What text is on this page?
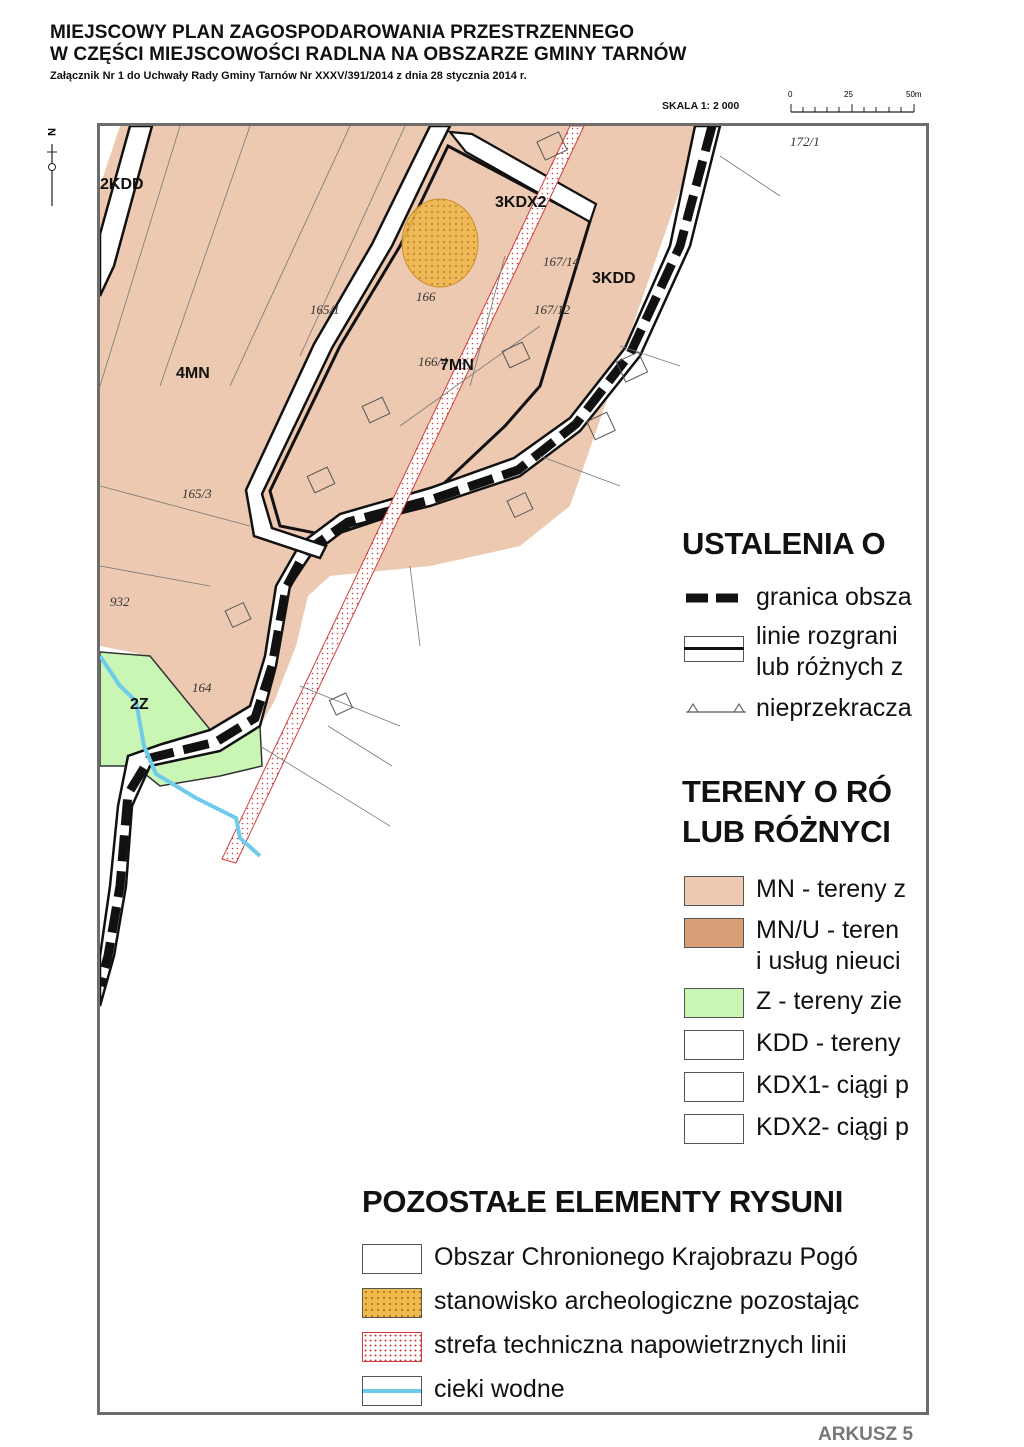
MIEJSCOWY PLAN ZAGOSPODAROWANIA PRZESTRZENNEGO
W CZĘŚCI MIEJSCOWOŚCI RADLNA NA OBSZARZE GMINY TARNÓW
Załącznik Nr 1 do Uchwały Rady Gminy Tarnów Nr XXXV/391/2014 z dnia 28 stycznia 2014 r.
SKALA 1: 2 000
0	25	50m
N
165/1
165/3
164
166
166/4
167/14
167/12
172/1
932
2KDD
3KDX2
3KDD
4MN	7MN
2Z
USTALENIA O
granica obsza
linie rozgrani
lub różnych z
nieprzekracza
TERENY O RÓ
LUB RÓŻNYCI
MN - tereny z
MN/U - teren
i usług nieuci
Z - tereny zie
KDD - tereny
KDX1- ciągi p
KDX2- ciągi p
POZOSTAŁE ELEMENTY RYSUNI
Obszar Chronionego Krajobrazu Pogó
stanowisko archeologiczne pozostając
strefa techniczna napowietrznych linii
cieki wodne
ARKUSZ 5
